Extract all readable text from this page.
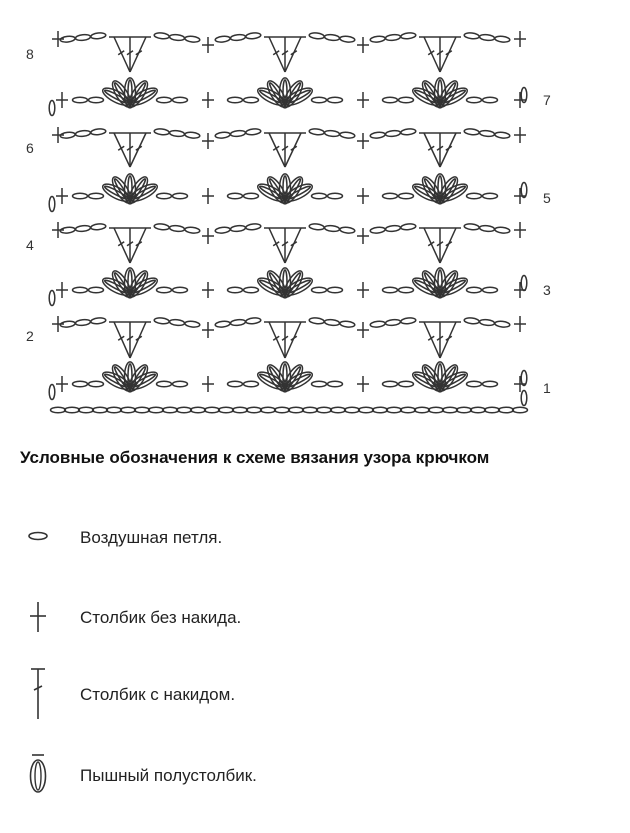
8
6
4
2
7
5
3
1
Условные обозначения к схеме вязания узора крючком
Воздушная петля.
Столбик без накида.
Столбик с накидом.
Пышный полустолбик.
